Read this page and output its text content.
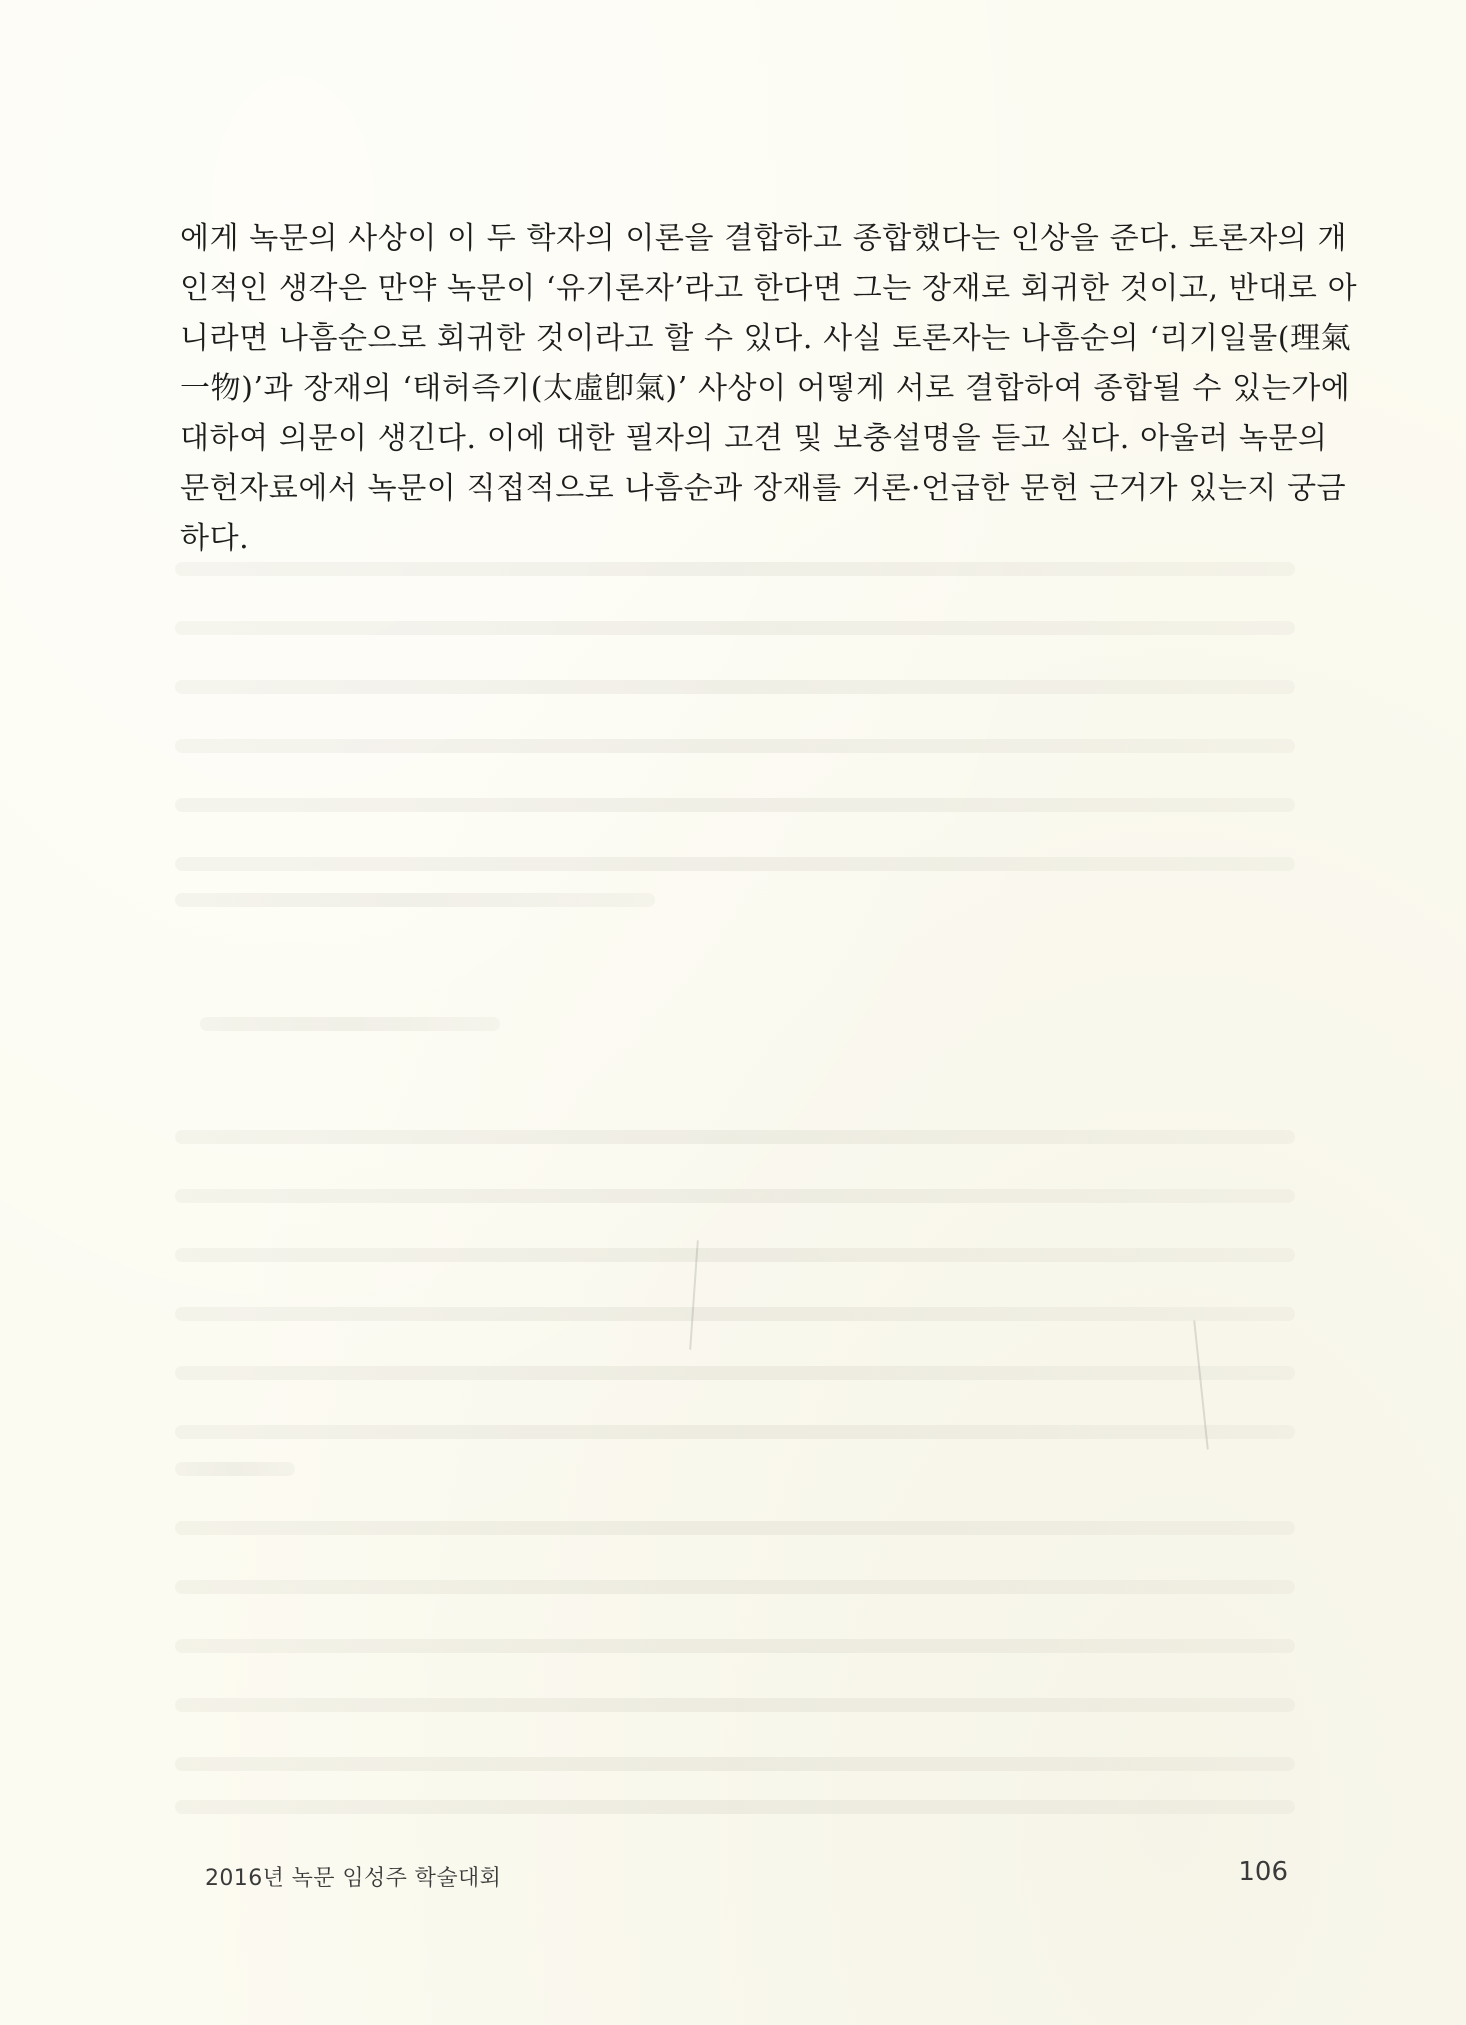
에게 녹문의 사상이 이 두 학자의 이론을 결합하고 종합했다는 인상을 준다. 토론자의 개
인적인 생각은 만약 녹문이 ‘유기론자’라고 한다면 그는 장재로 회귀한 것이고, 반대로 아
니라면 나흠순으로 회귀한 것이라고 할 수 있다. 사실 토론자는 나흠순의 ‘리기일물(理氣
一物)’과 장재의 ‘태허즉기(太虛卽氣)’ 사상이 어떻게 서로 결합하여 종합될 수 있는가에
대하여 의문이 생긴다. 이에 대한 필자의 고견 및 보충설명을 듣고 싶다. 아울러 녹문의
문헌자료에서 녹문이 직접적으로 나흠순과 장재를 거론·언급한 문헌 근거가 있는지 궁금
하다.
2016년 녹문 임성주 학술대회	106
